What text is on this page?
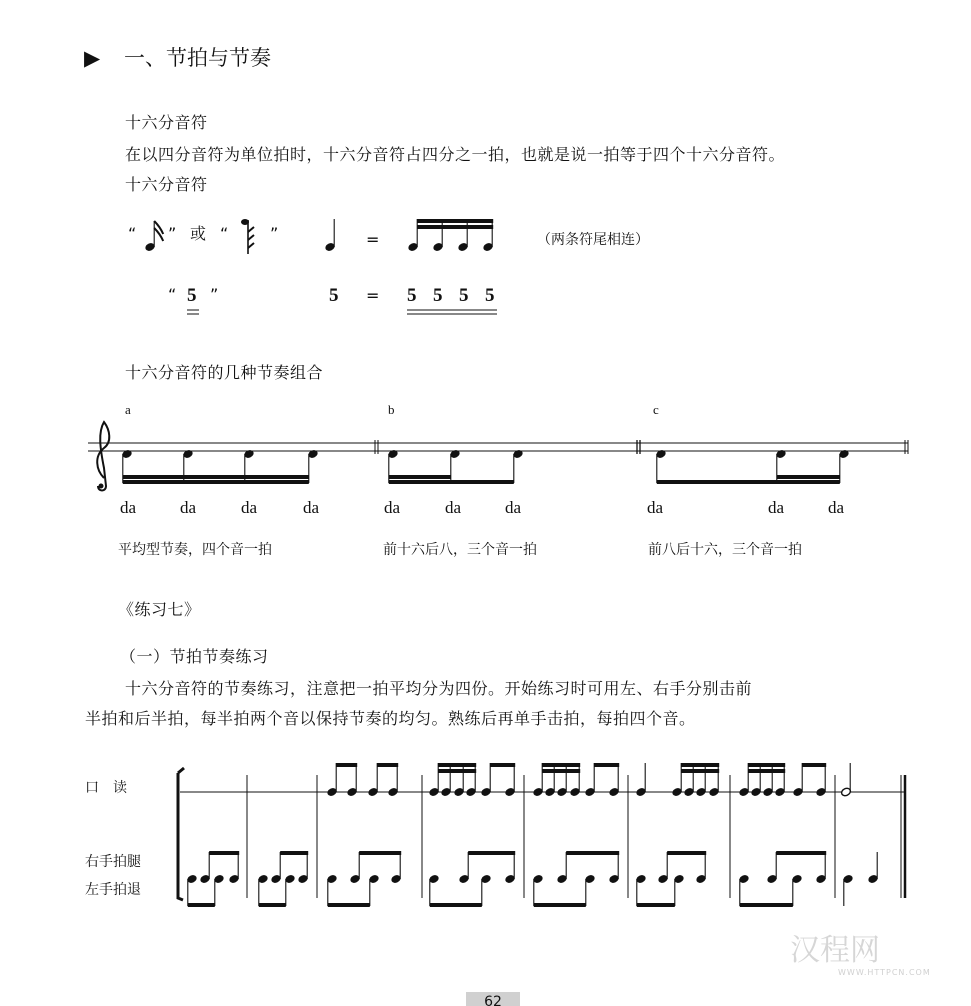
▶ 一、节拍与节奏
十六分音符
在以四分音符为单位拍时，十六分音符占四分之一拍，也就是说一拍等于四个十六分音符。
十六分音符
“ ” 或 “	”	=	（两条符尾相连）
“ 5 ”	5 = 5 5 5 5
十六分音符的几种节奏组合
a	b	c
da	da	da	da	da	da	da	da	da	da
平均型节奏，四个音一拍	前十六后八，三个音一拍	前八后十六，三个音一拍
《练习七》
（一）节拍节奏练习
十六分音符的节奏练习，注意把一拍平均分为四份。开始练习时可用左、右手分别击前
半拍和后半拍，每半拍两个音以保持节奏的均匀。熟练后再单手击拍，每拍四个音。
口　读
右手拍腿
左手拍退
汉程网
WWW.HTTPCN.COM
62
